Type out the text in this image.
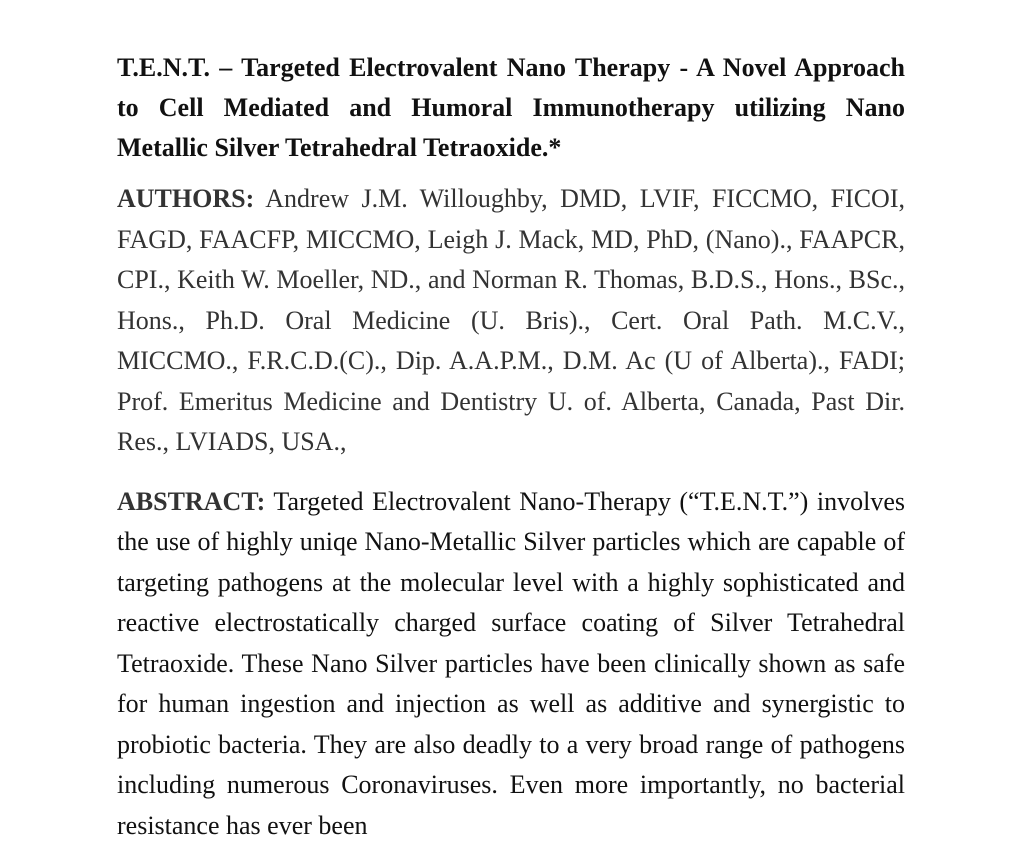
T.E.N.T. – Targeted Electrovalent Nano Therapy - A Novel Approach to Cell Mediated and Humoral Immunotherapy utilizing Nano Metallic Silver Tetrahedral Tetraoxide.*

AUTHORS: Andrew J.M. Willoughby, DMD, LVIF, FICCMO, FICOI, FAGD, FAACFP, MICCMO, Leigh J. Mack, MD, PhD, (Nano)., FAAPCR, CPI., Keith W. Moeller, ND., and Norman R. Thomas, B.D.S., Hons., BSc., Hons., Ph.D. Oral Medicine (U. Bris)., Cert. Oral Path. M.C.V., MICCMO., F.R.C.D.(C)., Dip. A.A.P.M., D.M. Ac (U of Alberta)., FADI; Prof. Emeritus Medicine and Dentistry U. of. Alberta, Canada, Past Dir. Res., LVIADS, USA.,

ABSTRACT: Targeted Electrovalent Nano-Therapy (“T.E.N.T.”) involves the use of highly uniqe Nano-Metallic Silver particles which are capable of targeting pathogens at the molecular level with a highly sophisticated and reactive electrostatically charged surface coating of Silver Tetrahedral Tetraoxide. These Nano Silver particles have been clinically shown as safe for human ingestion and injection as well as additive and synergistic to probiotic bacteria. They are also deadly to a very broad range of pathogens including numerous Coronaviruses. Even more importantly, no bacterial resistance has ever been
